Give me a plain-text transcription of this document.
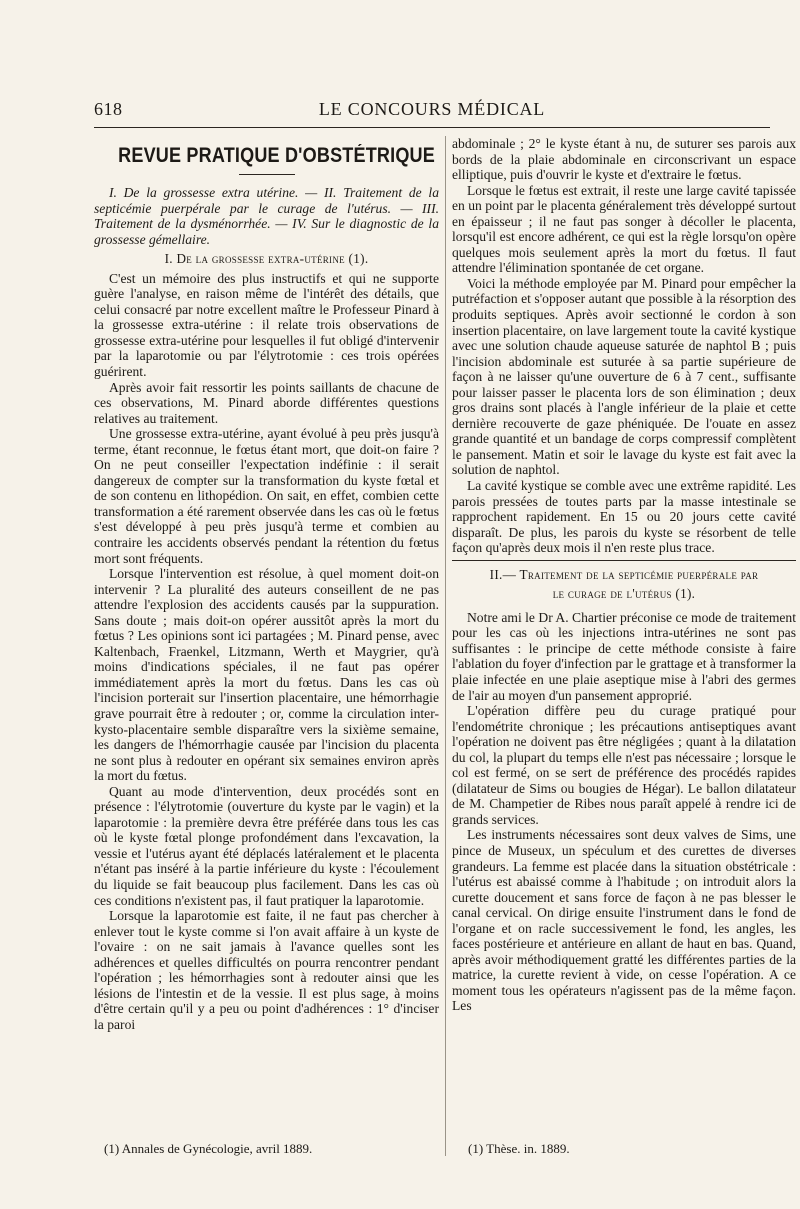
618	LE CONCOURS MÉDICAL
REVUE PRATIQUE D'OBSTÉTRIQUE

I. De la grossesse extra utérine. — II. Traitement de la septicémie puerpérale par le curage de l'utérus. — III. Traitement de la dysménorrhée. — IV. Sur le diagnostic de la grossesse gémellaire.

I. De la grossesse extra-utérine (1).

C'est un mémoire des plus instructifs et qui ne supporte guère l'analyse, en raison même de l'intérêt des détails, que celui consacré par notre excellent maître le Professeur Pinard à la grossesse extra-utérine : il relate trois observations de grossesse extra-utérine pour lesquelles il fut obligé d'intervenir par la laparotomie ou par l'élytrotomie : ces trois opérées guérirent.

Après avoir fait ressortir les points saillants de chacune de ces observations, M. Pinard aborde différentes questions relatives au traitement.

Une grossesse extra-utérine, ayant évolué à peu près jusqu'à terme, étant reconnue, le fœtus étant mort, que doit-on faire ? On ne peut conseiller l'expectation indéfinie : il serait dangereux de compter sur la transformation du kyste fœtal et de son contenu en lithopédion. On sait, en effet, combien cette transformation a été rarement observée dans les cas où le fœtus s'est développé à peu près jusqu'à terme et combien au contraire les accidents observés pendant la rétention du fœtus mort sont fréquents.

Lorsque l'intervention est résolue, à quel moment doit-on intervenir ? La pluralité des auteurs conseillent de ne pas attendre l'explosion des accidents causés par la suppuration. Sans doute ; mais doit-on opérer aussitôt après la mort du fœtus ? Les opinions sont ici partagées ; M. Pinard pense, avec Kaltenbach, Fraenkel, Litzmann, Werth et Maygrier, qu'à moins d'indications spéciales, il ne faut pas opérer immédiatement après la mort du fœtus. Dans les cas où l'incision porterait sur l'insertion placentaire, une hémorrhagie grave pourrait être à redouter ; or, comme la circulation inter-kysto-placentaire semble disparaître vers la sixième semaine, les dangers de l'hémorrhagie causée par l'incision du placenta ne sont plus à redouter en opérant six semaines environ après la mort du fœtus.

Quant au mode d'intervention, deux procédés sont en présence : l'élytrotomie (ouverture du kyste par le vagin) et la laparotomie : la première devra être préférée dans tous les cas où le kyste fœtal plonge profondément dans l'excavation, la vessie et l'utérus ayant été déplacés latéralement et le placenta n'étant pas inséré à la partie inférieure du kyste : l'écoulement du liquide se fait beaucoup plus facilement. Dans les cas où ces conditions n'existent pas, il faut pratiquer la laparotomie.

Lorsque la laparotomie est faite, il ne faut pas chercher à enlever tout le kyste comme si l'on avait affaire à un kyste de l'ovaire : on ne sait jamais à l'avance quelles sont les adhérences et quelles difficultés on pourra rencontrer pendant l'opération ; les hémorrhagies sont à redouter ainsi que les lésions de l'intestin et de la vessie. Il est plus sage, à moins d'être certain qu'il y a peu ou point d'adhérences : 1° d'inciser la paroi

abdominale ; 2° le kyste étant à nu, de suturer ses parois aux bords de la plaie abdominale en circonscrivant un espace elliptique, puis d'ouvrir le kyste et d'extraire le fœtus.

Lorsque le fœtus est extrait, il reste une large cavité tapissée en un point par le placenta généralement très développé surtout en épaisseur ; il ne faut pas songer à décoller le placenta, lorsqu'il est encore adhérent, ce qui est la règle lorsqu'on opère quelques mois seulement après la mort du fœtus. Il faut attendre l'élimination spontanée de cet organe.

Voici la méthode employée par M. Pinard pour empêcher la putréfaction et s'opposer autant que possible à la résorption des produits septiques. Après avoir sectionné le cordon à son insertion placentaire, on lave largement toute la cavité kystique avec une solution chaude aqueuse saturée de naphtol B ; puis l'incision abdominale est suturée à sa partie supérieure de façon à ne laisser qu'une ouverture de 6 à 7 cent., suffisante pour laisser passer le placenta lors de son élimination ; deux gros drains sont placés à l'angle inférieur de la plaie et cette dernière recouverte de gaze phéniquée. De l'ouate en assez grande quantité et un bandage de corps compressif complètent le pansement. Matin et soir le lavage du kyste est fait avec la solution de naphtol.

La cavité kystique se comble avec une extrême rapidité. Les parois pressées de toutes parts par la masse intestinale se rapprochent rapidement. En 15 ou 20 jours cette cavité disparaît. De plus, les parois du kyste se résorbent de telle façon qu'après deux mois il n'en reste plus trace.

II.— Traitement de la septicémie puerpérale par
le curage de l'utérus (1).

Notre ami le Dr A. Chartier préconise ce mode de traitement pour les cas où les injections intra-utérines ne sont pas suffisantes : le principe de cette méthode consiste à faire l'ablation du foyer d'infection par le grattage et à transformer la plaie infectée en une plaie aseptique mise à l'abri des germes de l'air au moyen d'un pansement approprié.

L'opération diffère peu du curage pratiqué pour l'endométrite chronique ; les précautions antiseptiques avant l'opération ne doivent pas être négligées ; quant à la dilatation du col, la plupart du temps elle n'est pas nécessaire ; lorsque le col est fermé, on se sert de préférence des procédés rapides (dilatateur de Sims ou bougies de Hégar). Le ballon dilatateur de M. Champetier de Ribes nous paraît appelé à rendre ici de grands services.

Les instruments nécessaires sont deux valves de Sims, une pince de Museux, un spéculum et des curettes de diverses grandeurs. La femme est placée dans la situation obstétricale : l'utérus est abaissé comme à l'habitude ; on introduit alors la curette doucement et sans force de façon à ne pas blesser le canal cervical. On dirige ensuite l'instrument dans le fond de l'organe et on racle successivement le fond, les angles, les faces postérieure et antérieure en allant de haut en bas. Quand, après avoir méthodiquement gratté les différentes parties de la matrice, la curette revient à vide, on cesse l'opération. A ce moment tous les opérateurs n'agissent pas de la même façon. Les

(1) Annales de Gynécologie, avril 1889.	(1) Thèse. in. 1889.
